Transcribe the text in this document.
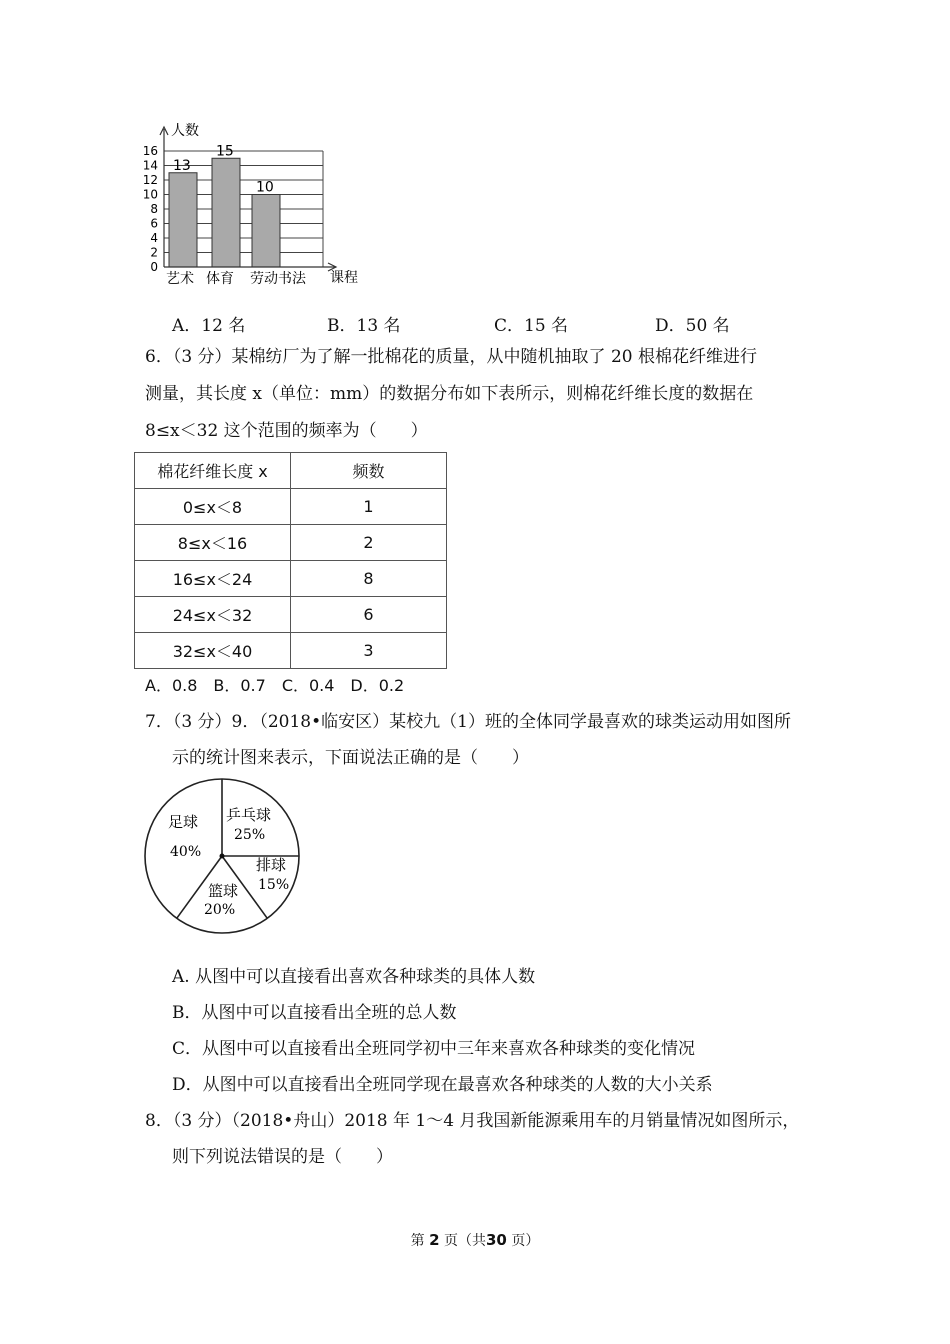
0
2
4
6
8
10
12
14
16
13
15
10
艺术 体育 劳动书法
人数
课程
A．12 名	B．13 名	C．15 名	D．50 名
6．（3 分）某棉纺厂为了解一批棉花的质量，从中随机抽取了 20 根棉花纤维进行
测量，其长度 x（单位：mm）的数据分布如下表所示，则棉花纤维长度的数据在
8≤x＜32 这个范围的频率为（　　）
棉花纤维长度 x	频数
0≤x＜8	1
8≤x＜16	2
16≤x＜24	8
24≤x＜32	6
32≤x＜40	3
A．0.8　B．0.7　C．0.4　D．0.2
7．（3 分）9．（2018•临安区）某校九（1）班的全体同学最喜欢的球类运动用如图所
示的统计图来表示，下面说法正确的是（　　）
乒乓球
25%
排球
15%
篮球
20%
足球
40%
A. 从图中可以直接看出喜欢各种球类的具体人数
B．从图中可以直接看出全班的总人数
C．从图中可以直接看出全班同学初中三年来喜欢各种球类的变化情况
D．从图中可以直接看出全班同学现在最喜欢各种球类的人数的大小关系
8．（3 分）（2018•舟山）2018 年 1～4 月我国新能源乘用车的月销量情况如图所示，
则下列说法错误的是（　　）
第 2 页（共30 页）
